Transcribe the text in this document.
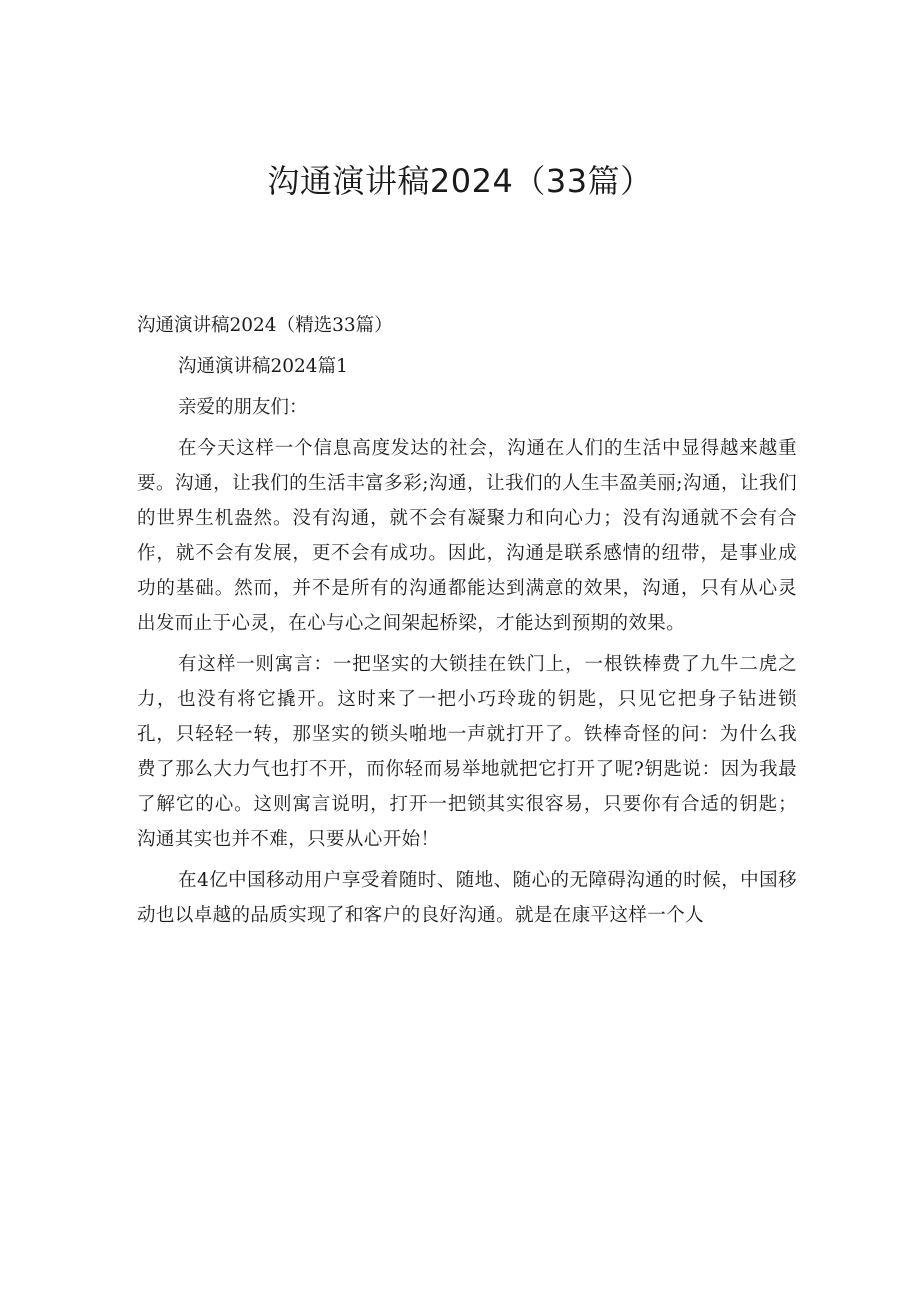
沟通演讲稿2024（33篇）

沟通演讲稿2024（精选33篇）

沟通演讲稿2024篇1

亲爱的朋友们：

在今天这样一个信息高度发达的社会，沟通在人们的生活中显得越来越重要。沟通，让我们的生活丰富多彩;沟通，让我们的人生丰盈美丽;沟通，让我们的世界生机盎然。没有沟通，就不会有凝聚力和向心力；没有沟通就不会有合作，就不会有发展，更不会有成功。因此，沟通是联系感情的纽带，是事业成功的基础。然而，并不是所有的沟通都能达到满意的效果，沟通，只有从心灵出发而止于心灵，在心与心之间架起桥梁，才能达到预期的效果。

有这样一则寓言：一把坚实的大锁挂在铁门上，一根铁棒费了九牛二虎之力，也没有将它撬开。这时来了一把小巧玲珑的钥匙，只见它把身子钻进锁孔，只轻轻一转，那坚实的锁头啪地一声就打开了。铁棒奇怪的问：为什么我费了那么大力气也打不开，而你轻而易举地就把它打开了呢?钥匙说：因为我最了解它的心。这则寓言说明，打开一把锁其实很容易，只要你有合适的钥匙；沟通其实也并不难，只要从心开始！

在4亿中国移动用户享受着随时、随地、随心的无障碍沟通的时候，中国移动也以卓越的品质实现了和客户的良好沟通。就是在康平这样一个人
